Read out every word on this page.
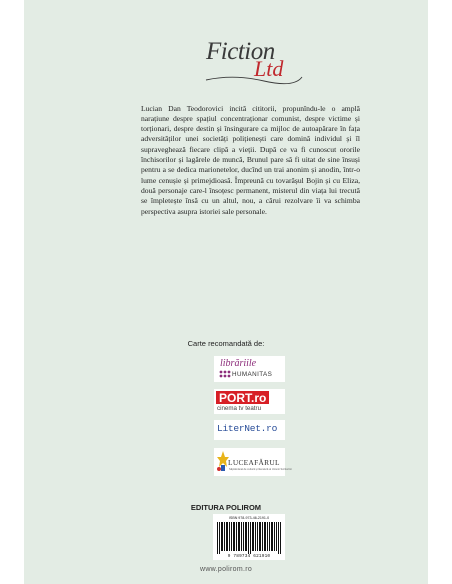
Fiction
Ltd

Lucian Dan Teodorovici incită cititorii, propunîndu-le o amplă narațiune despre spațiul concentraționar comunist, despre victime și torționari, despre destin și însingurare ca mijloc de autoapărare în fața adversităților unei societăți polițienești care domină individul și îl supraveghează fiecare clipă a vieții. După ce va fi cunoscut ororile închisorilor și lagărele de muncă, Brunul pare să fi uitat de sine însuși pentru a se dedica marionetelor, ducînd un trai anonim și anodin, într-o lume cenușie și primejdioasă. Împreună cu tovarășul Bojin și cu Eliza, două personaje care-l însoțesc permanent, misterul din viața lui trecută se împletește însă cu un altul, nou, a cărui rezolvare îi va schimba perspectiva asupra istoriei sale personale.

Carte recomandată de:
librăriile
HUMANITAS
PORT.ro
cinema tv teatru
LiterNet.ro
LUCEAFĂRUL
Săptămânal de cultură și literatură al Uniunii Scriitorilor
EDITURA POLIROM
ISBN 978-973-46-2191-0
9 789734 621910
www.polirom.ro
